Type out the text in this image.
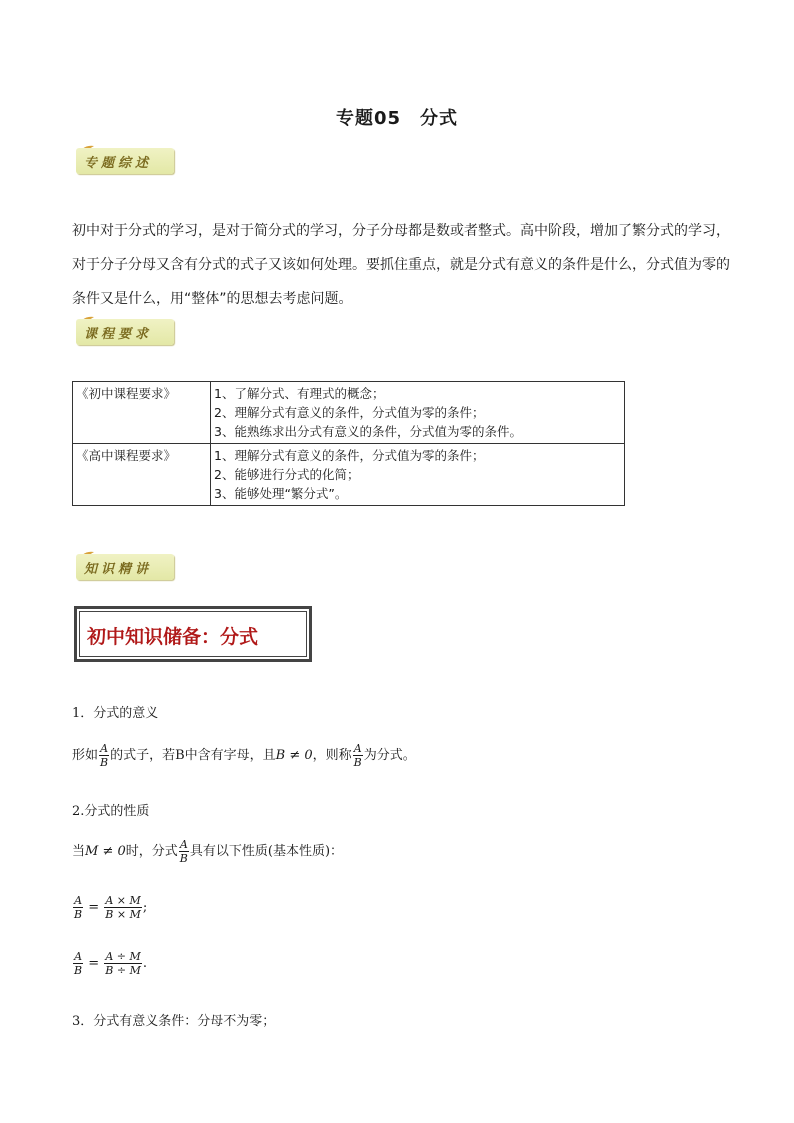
专题05　分式
专题综述

初中对于分式的学习，是对于简分式的学习，分子分母都是数或者整式。高中阶段，增加了繁分式的学习，对于分子分母又含有分式的式子又该如何处理。要抓住重点，就是分式有意义的条件是什么，分式值为零的条件又是什么，用“整体”的思想去考虑问题。

课程要求
《初中课程要求》	1、了解分式、有理式的概念；
2、理解分式有意义的条件，分式值为零的条件；
3、能熟练求出分式有意义的条件，分式值为零的条件。

《高中课程要求》	1、理解分式有意义的条件，分式值为零的条件；
2、能够进行分式的化简；
3、能够处理“繁分式”。
知识精讲
初中知识储备：分式
1．分式的意义
形如 $\frac{A}{B}$ 的式子，若B中含有字母，且B ≠ 0，则称 $\frac{A}{B}$ 为分式。
2.分式的性质
当M ≠ 0时，分式 $\frac{A}{B}$ 具有以下性质(基本性质)：
$\frac{A}{B} = \frac{A \times M}{B \times M}$ ;
$\frac{A}{B} = \frac{A \div M}{B \div M}$ .
3．分式有意义条件：分母不为零；
